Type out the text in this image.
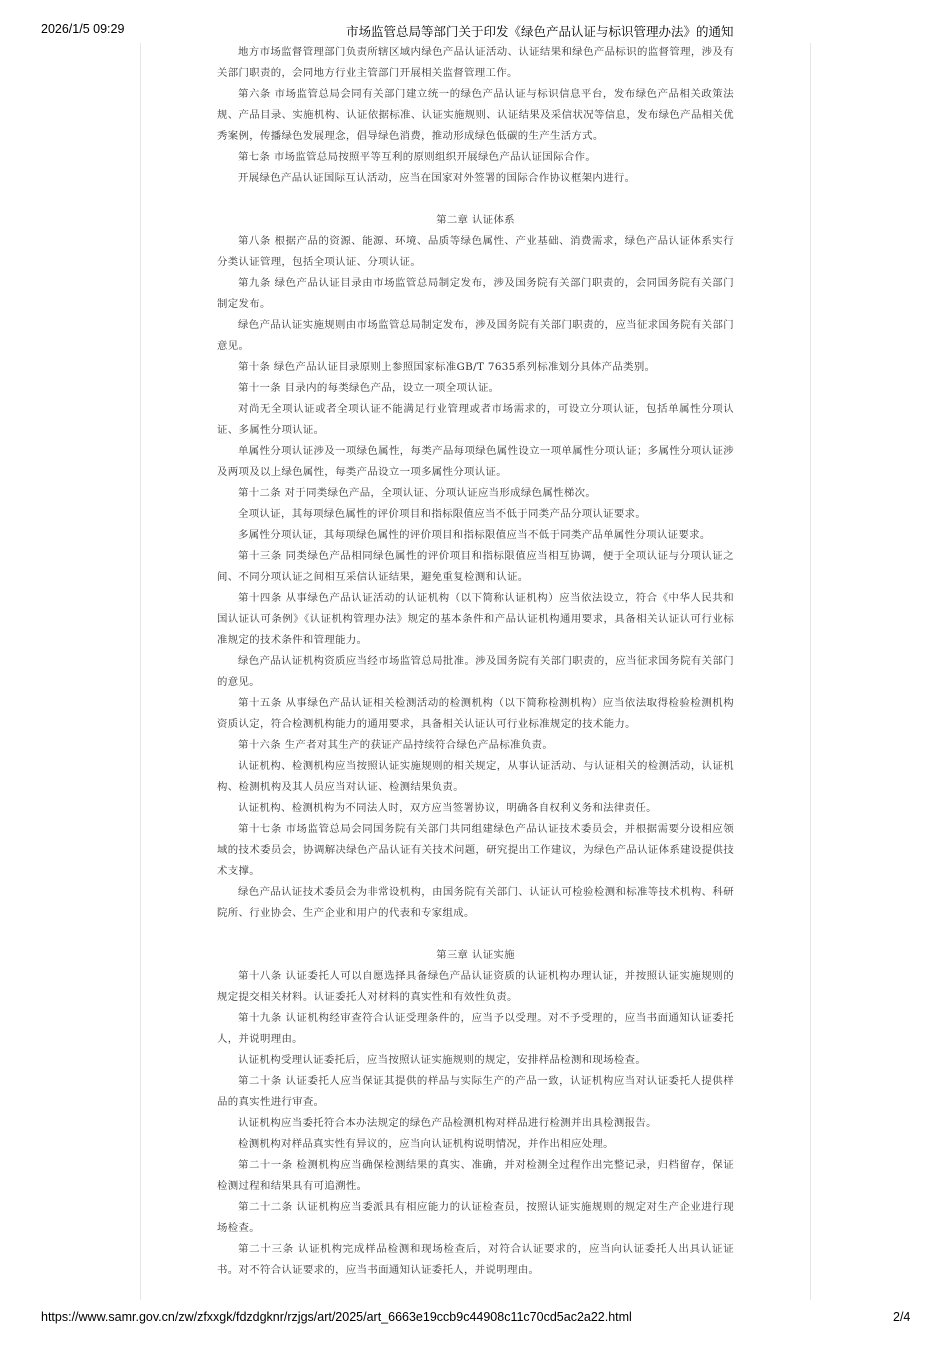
2026/1/5 09:29	市场监管总局等部门关于印发《绿色产品认证与标识管理办法》的通知

地方市场监督管理部门负责所辖区域内绿色产品认证活动、认证结果和绿色产品标识的监督管理，涉及有关部门职责的，会同地方行业主管部门开展相关监督管理工作。

第六条 市场监管总局会同有关部门建立统一的绿色产品认证与标识信息平台，发布绿色产品相关政策法规、产品目录、实施机构、认证依据标准、认证实施规则、认证结果及采信状况等信息，发布绿色产品相关优秀案例，传播绿色发展理念，倡导绿色消费，推动形成绿色低碳的生产生活方式。

第七条 市场监管总局按照平等互利的原则组织开展绿色产品认证国际合作。

开展绿色产品认证国际互认活动，应当在国家对外签署的国际合作协议框架内进行。

第二章 认证体系

第八条 根据产品的资源、能源、环境、品质等绿色属性、产业基础、消费需求，绿色产品认证体系实行分类认证管理，包括全项认证、分项认证。

第九条 绿色产品认证目录由市场监管总局制定发布，涉及国务院有关部门职责的，会同国务院有关部门制定发布。

绿色产品认证实施规则由市场监管总局制定发布，涉及国务院有关部门职责的，应当征求国务院有关部门意见。

第十条 绿色产品认证目录原则上参照国家标准GB/T 7635系列标准划分具体产品类别。

第十一条 目录内的每类绿色产品，设立一项全项认证。

对尚无全项认证或者全项认证不能满足行业管理或者市场需求的，可设立分项认证，包括单属性分项认证、多属性分项认证。

单属性分项认证涉及一项绿色属性，每类产品每项绿色属性设立一项单属性分项认证；多属性分项认证涉及两项及以上绿色属性，每类产品设立一项多属性分项认证。

第十二条 对于同类绿色产品，全项认证、分项认证应当形成绿色属性梯次。

全项认证，其每项绿色属性的评价项目和指标限值应当不低于同类产品分项认证要求。

多属性分项认证，其每项绿色属性的评价项目和指标限值应当不低于同类产品单属性分项认证要求。

第十三条 同类绿色产品相同绿色属性的评价项目和指标限值应当相互协调，便于全项认证与分项认证之间、不同分项认证之间相互采信认证结果，避免重复检测和认证。

第十四条 从事绿色产品认证活动的认证机构（以下简称认证机构）应当依法设立，符合《中华人民共和国认证认可条例》《认证机构管理办法》规定的基本条件和产品认证机构通用要求，具备相关认证认可行业标准规定的技术条件和管理能力。

绿色产品认证机构资质应当经市场监管总局批准。涉及国务院有关部门职责的，应当征求国务院有关部门的意见。

第十五条 从事绿色产品认证相关检测活动的检测机构（以下简称检测机构）应当依法取得检验检测机构资质认定，符合检测机构能力的通用要求，具备相关认证认可行业标准规定的技术能力。

第十六条 生产者对其生产的获证产品持续符合绿色产品标准负责。

认证机构、检测机构应当按照认证实施规则的相关规定，从事认证活动、与认证相关的检测活动，认证机构、检测机构及其人员应当对认证、检测结果负责。

认证机构、检测机构为不同法人时，双方应当签署协议，明确各自权利义务和法律责任。

第十七条 市场监管总局会同国务院有关部门共同组建绿色产品认证技术委员会，并根据需要分设相应领域的技术委员会，协调解决绿色产品认证有关技术问题，研究提出工作建议，为绿色产品认证体系建设提供技术支撑。

绿色产品认证技术委员会为非常设机构，由国务院有关部门、认证认可检验检测和标准等技术机构、科研院所、行业协会、生产企业和用户的代表和专家组成。

第三章 认证实施

第十八条 认证委托人可以自愿选择具备绿色产品认证资质的认证机构办理认证，并按照认证实施规则的规定提交相关材料。认证委托人对材料的真实性和有效性负责。

第十九条 认证机构经审查符合认证受理条件的，应当予以受理。对不予受理的，应当书面通知认证委托人，并说明理由。

认证机构受理认证委托后，应当按照认证实施规则的规定，安排样品检测和现场检查。

第二十条 认证委托人应当保证其提供的样品与实际生产的产品一致，认证机构应当对认证委托人提供样品的真实性进行审查。

认证机构应当委托符合本办法规定的绿色产品检测机构对样品进行检测并出具检测报告。

检测机构对样品真实性有异议的，应当向认证机构说明情况，并作出相应处理。

第二十一条 检测机构应当确保检测结果的真实、准确，并对检测全过程作出完整记录，归档留存，保证检测过程和结果具有可追溯性。

第二十二条 认证机构应当委派具有相应能力的认证检查员，按照认证实施规则的规定对生产企业进行现场检查。

第二十三条 认证机构完成样品检测和现场检查后，对符合认证要求的，应当向认证委托人出具认证证书。对不符合认证要求的，应当书面通知认证委托人，并说明理由。

https://www.samr.gov.cn/zw/zfxxgk/fdzdgknr/rzjgs/art/2025/art_6663e19ccb9c44908c11c70cd5ac2a22.html	2/4
